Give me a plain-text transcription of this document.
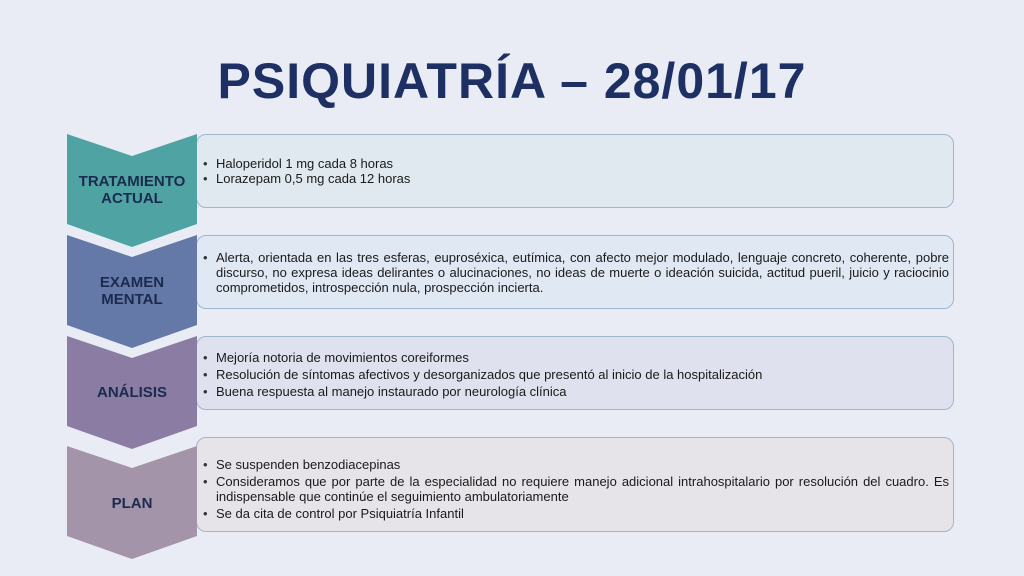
PSIQUIATRÍA – 28/01/17
• Haloperidol 1 mg cada 8 horas
• Lorazepam 0,5 mg cada 12 horas
TRATAMIENTO
ACTUAL
• Alerta, orientada en las tres esferas, euproséxica, eutímica, con afecto mejor modulado, lenguaje concreto, coherente, pobre discurso, no expresa ideas delirantes o alucinaciones, no ideas de muerte o ideación suicida, actitud pueril, juicio y raciocinio comprometidos, introspección nula, prospección incierta.
EXAMEN
MENTAL
• Mejoría notoria de movimientos coreiformes
• Resolución de síntomas afectivos y desorganizados que presentó al inicio de la hospitalización
• Buena respuesta al manejo instaurado por neurología clínica
ANÁLISIS
• Se suspenden benzodiacepinas
• Consideramos que por parte de la especialidad no requiere manejo adicional intrahospitalario por resolución del cuadro. Es indispensable que continúe el seguimiento ambulatoriamente
• Se da cita de control por Psiquiatría Infantil
PLAN
